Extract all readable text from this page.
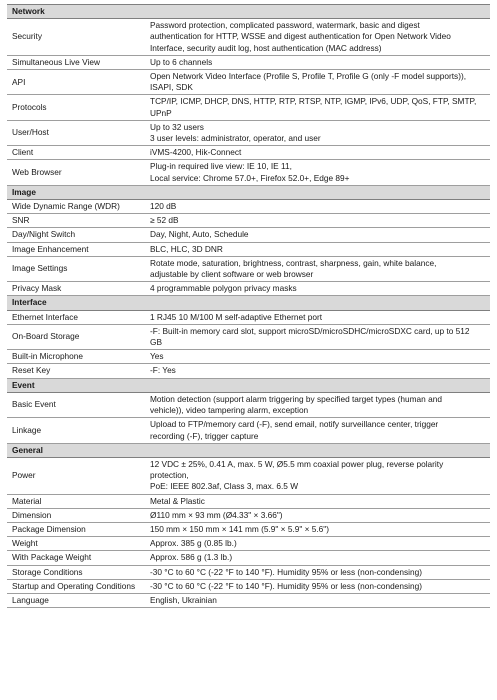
Network	
Security	Password protection, complicated password, watermark, basic and digest
authentication for HTTP, WSSE and digest authentication for Open Network Video
Interface, security audit log, host authentication (MAC address)

Simultaneous Live View	Up to 6 channels

API	Open Network Video Interface (Profile S, Profile T, Profile G (only -F model supports)),
ISAPI, SDK

Protocols	TCP/IP, ICMP, DHCP, DNS, HTTP, RTP, RTSP, NTP, IGMP, IPv6, UDP, QoS, FTP, SMTP,
UPnP

User/Host	Up to 32 users
3 user levels: administrator, operator, and user

Client	iVMS-4200, Hik-Connect

Web Browser	Plug-in required live view: IE 10, IE 11,
Local service: Chrome 57.0+, Firefox 52.0+, Edge 89+

Image	
Wide Dynamic Range (WDR)	120 dB

SNR	≥ 52 dB

Day/Night Switch	Day, Night, Auto, Schedule

Image Enhancement	BLC, HLC, 3D DNR

Image Settings	Rotate mode, saturation, brightness, contrast, sharpness, gain, white balance,
adjustable by client software or web browser

Privacy Mask	4 programmable polygon privacy masks

Interface	
Ethernet Interface	1 RJ45 10 M/100 M self-adaptive Ethernet port

On-Board Storage	-F: Built-in memory card slot, support microSD/microSDHC/microSDXC card, up to 512
GB

Built-in Microphone	Yes

Reset Key	-F: Yes

Event	
Basic Event	Motion detection (support alarm triggering by specified target types (human and
vehicle)), video tampering alarm, exception

Linkage	Upload to FTP/memory card (-F), send email, notify surveillance center, trigger
recording (-F), trigger capture

General	
Power	12 VDC ± 25%, 0.41 A, max. 5 W, Ø5.5 mm coaxial power plug, reverse polarity
protection,
PoE: IEEE 802.3af, Class 3, max. 6.5 W

Material	Metal & Plastic

Dimension	Ø110 mm × 93 mm (Ø4.33" × 3.66")

Package Dimension	150 mm × 150 mm × 141 mm (5.9" × 5.9" × 5.6")

Weight	Approx. 385 g (0.85 lb.)

With Package Weight	Approx. 586 g (1.3 lb.)

Storage Conditions	-30 °C to 60 °C (-22 °F to 140 °F). Humidity 95% or less (non-condensing)

Startup and Operating Conditions	-30 °C to 60 °C (-22 °F to 140 °F). Humidity 95% or less (non-condensing)

Language	English, Ukrainian
